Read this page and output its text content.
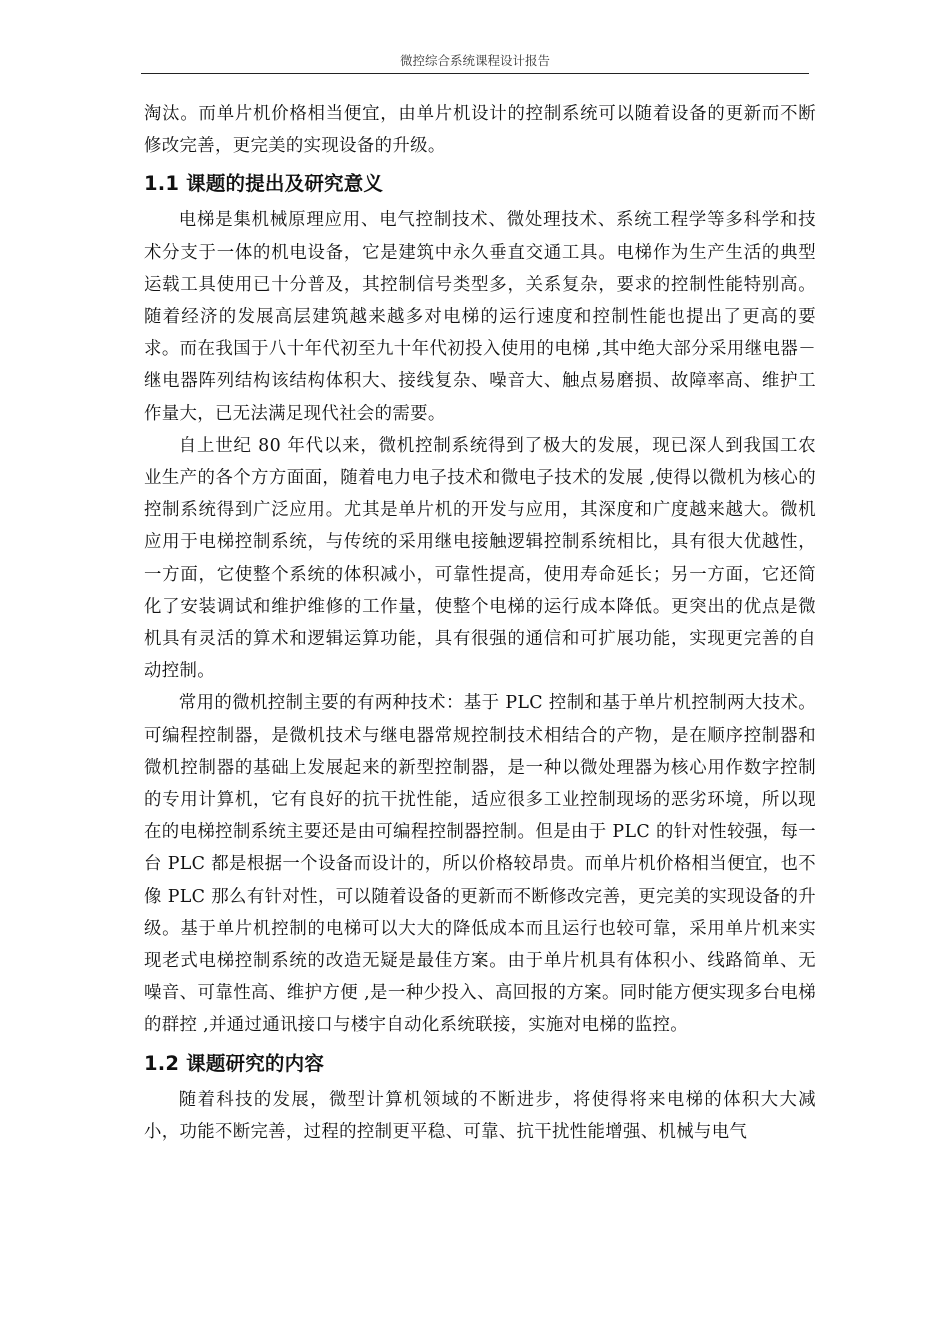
微控综合系统课程设计报告

淘汰。而单片机价格相当便宜，由单片机设计的控制系统可以随着设备的更新而不断修改完善，更完美的实现设备的升级。

1.1 课题的提出及研究意义

电梯是集机械原理应用、电气控制技术、微处理技术、系统工程学等多科学和技术分支于一体的机电设备，它是建筑中永久垂直交通工具。电梯作为生产生活的典型运载工具使用已十分普及，其控制信号类型多，关系复杂，要求的控制性能特别高。随着经济的发展高层建筑越来越多对电梯的运行速度和控制性能也提出了更高的要求。而在我国于八十年代初至九十年代初投入使用的电梯 ,其中绝大部分采用继电器－继电器阵列结构该结构体积大、接线复杂、噪音大、触点易磨损、故障率高、维护工作量大，已无法满足现代社会的需要。

自上世纪 80 年代以来，微机控制系统得到了极大的发展，现已深人到我国工农业生产的各个方方面面，随着电力电子技术和微电子技术的发展 ,使得以微机为核心的控制系统得到广泛应用。尤其是单片机的开发与应用，其深度和广度越来越大。微机应用于电梯控制系统，与传统的采用继电接触逻辑控制系统相比，具有很大优越性，一方面，它使整个系统的体积减小，可靠性提高，使用寿命延长；另一方面，它还简化了安装调试和维护维修的工作量，使整个电梯的运行成本降低。更突出的优点是微机具有灵活的算术和逻辑运算功能，具有很强的通信和可扩展功能，实现更完善的自动控制。

常用的微机控制主要的有两种技术：基于 PLC 控制和基于单片机控制两大技术。可编程控制器，是微机技术与继电器常规控制技术相结合的产物，是在顺序控制器和微机控制器的基础上发展起来的新型控制器，是一种以微处理器为核心用作数字控制的专用计算机，它有良好的抗干扰性能，适应很多工业控制现场的恶劣环境，所以现在的电梯控制系统主要还是由可编程控制器控制。但是由于 PLC 的针对性较强，每一台 PLC 都是根据一个设备而设计的，所以价格较昂贵。而单片机价格相当便宜，也不像 PLC 那么有针对性，可以随着设备的更新而不断修改完善，更完美的实现设备的升级。基于单片机控制的电梯可以大大的降低成本而且运行也较可靠，采用单片机来实现老式电梯控制系统的改造无疑是最佳方案。由于单片机具有体积小、线路简单、无噪音、可靠性高、维护方便 ,是一种少投入、高回报的方案。同时能方便实现多台电梯的群控 ,并通过通讯接口与楼宇自动化系统联接，实施对电梯的监控。

1.2 课题研究的内容

随着科技的发展，微型计算机领域的不断进步，将使得将来电梯的体积大大减小，功能不断完善，过程的控制更平稳、可靠、抗干扰性能增强、机械与电气
